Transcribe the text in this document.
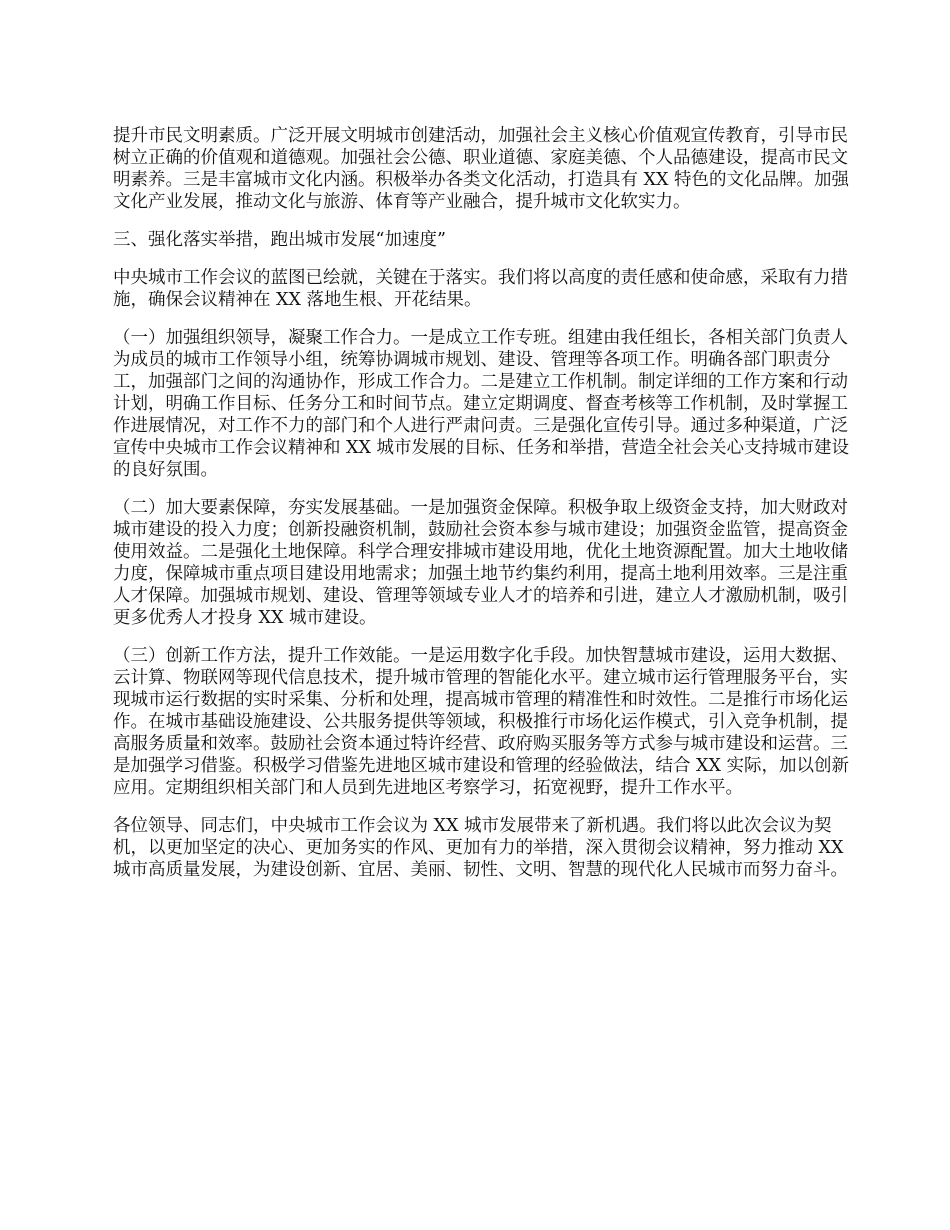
提升市民文明素质。广泛开展文明城市创建活动，加强社会主义核心价值观宣传教育，引导市民树立正确的价值观和道德观。加强社会公德、职业道德、家庭美德、个人品德建设，提高市民文明素养。三是丰富城市文化内涵。积极举办各类文化活动，打造具有 XX 特色的文化品牌。加强文化产业发展，推动文化与旅游、体育等产业融合，提升城市文化软实力。

三、强化落实举措，跑出城市发展“加速度”

中央城市工作会议的蓝图已绘就，关键在于落实。我们将以高度的责任感和使命感，采取有力措施，确保会议精神在 XX 落地生根、开花结果。

（一）加强组织领导，凝聚工作合力。一是成立工作专班。组建由我任组长，各相关部门负责人为成员的城市工作领导小组，统筹协调城市规划、建设、管理等各项工作。明确各部门职责分工，加强部门之间的沟通协作，形成工作合力。二是建立工作机制。制定详细的工作方案和行动计划，明确工作目标、任务分工和时间节点。建立定期调度、督查考核等工作机制，及时掌握工作进展情况，对工作不力的部门和个人进行严肃问责。三是强化宣传引导。通过多种渠道，广泛宣传中央城市工作会议精神和 XX 城市发展的目标、任务和举措，营造全社会关心支持城市建设的良好氛围。

（二）加大要素保障，夯实发展基础。一是加强资金保障。积极争取上级资金支持，加大财政对城市建设的投入力度；创新投融资机制，鼓励社会资本参与城市建设；加强资金监管，提高资金使用效益。二是强化土地保障。科学合理安排城市建设用地，优化土地资源配置。加大土地收储力度，保障城市重点项目建设用地需求；加强土地节约集约利用，提高土地利用效率。三是注重人才保障。加强城市规划、建设、管理等领域专业人才的培养和引进，建立人才激励机制，吸引更多优秀人才投身 XX 城市建设。

（三）创新工作方法，提升工作效能。一是运用数字化手段。加快智慧城市建设，运用大数据、云计算、物联网等现代信息技术，提升城市管理的智能化水平。建立城市运行管理服务平台，实现城市运行数据的实时采集、分析和处理，提高城市管理的精准性和时效性。二是推行市场化运作。在城市基础设施建设、公共服务提供等领域，积极推行市场化运作模式，引入竞争机制，提高服务质量和效率。鼓励社会资本通过特许经营、政府购买服务等方式参与城市建设和运营。三是加强学习借鉴。积极学习借鉴先进地区城市建设和管理的经验做法，结合 XX 实际，加以创新应用。定期组织相关部门和人员到先进地区考察学习，拓宽视野，提升工作水平。

各位领导、同志们，中央城市工作会议为 XX 城市发展带来了新机遇。我们将以此次会议为契机，以更加坚定的决心、更加务实的作风、更加有力的举措，深入贯彻会议精神，努力推动 XX 城市高质量发展，为建设创新、宜居、美丽、韧性、文明、智慧的现代化人民城市而努力奋斗。
